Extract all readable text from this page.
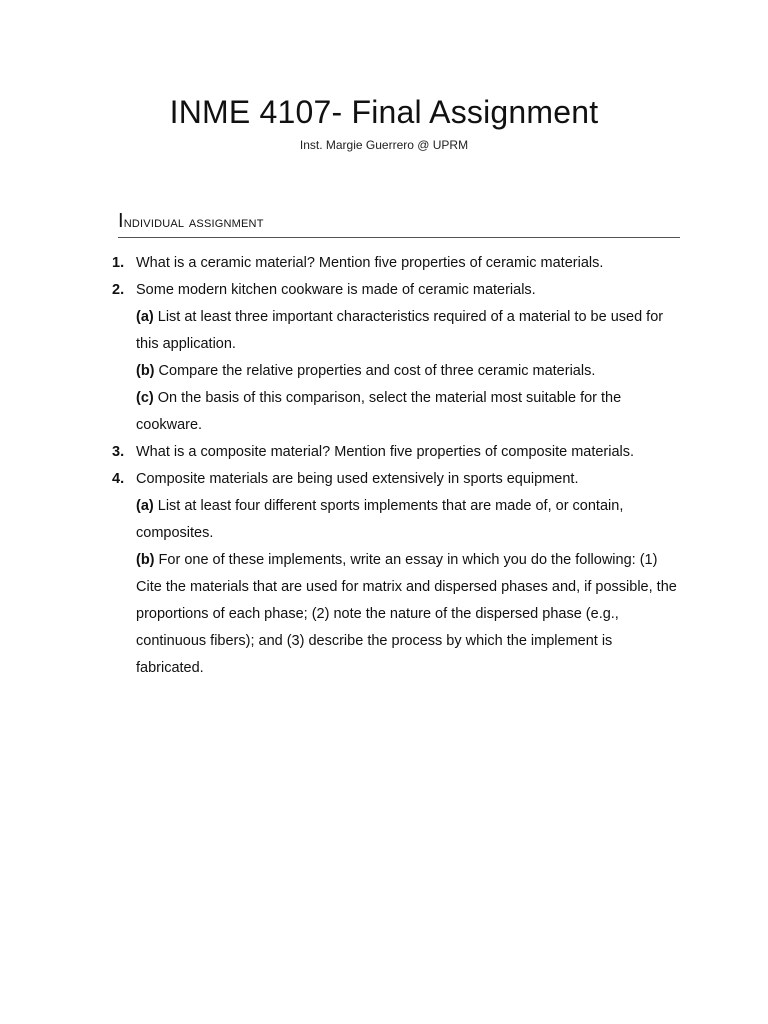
INME 4107- Final Assignment

Inst. Margie Guerrero @ UPRM

Individual assignment
1. What is a ceramic material? Mention five properties of ceramic materials.
2. Some modern kitchen cookware is made of ceramic materials.
(a) List at least three important characteristics required of a material to be used for this application.
(b) Compare the relative properties and cost of three ceramic materials.
(c) On the basis of this comparison, select the material most suitable for the cookware.
3. What is a composite material? Mention five properties of composite materials.
4. Composite materials are being used extensively in sports equipment.
(a) List at least four different sports implements that are made of, or contain, composites.
(b) For one of these implements, write an essay in which you do the following: (1) Cite the materials that are used for matrix and dispersed phases and, if possible, the proportions of each phase; (2) note the nature of the dispersed phase (e.g., continuous fibers); and (3) describe the process by which the implement is fabricated.
